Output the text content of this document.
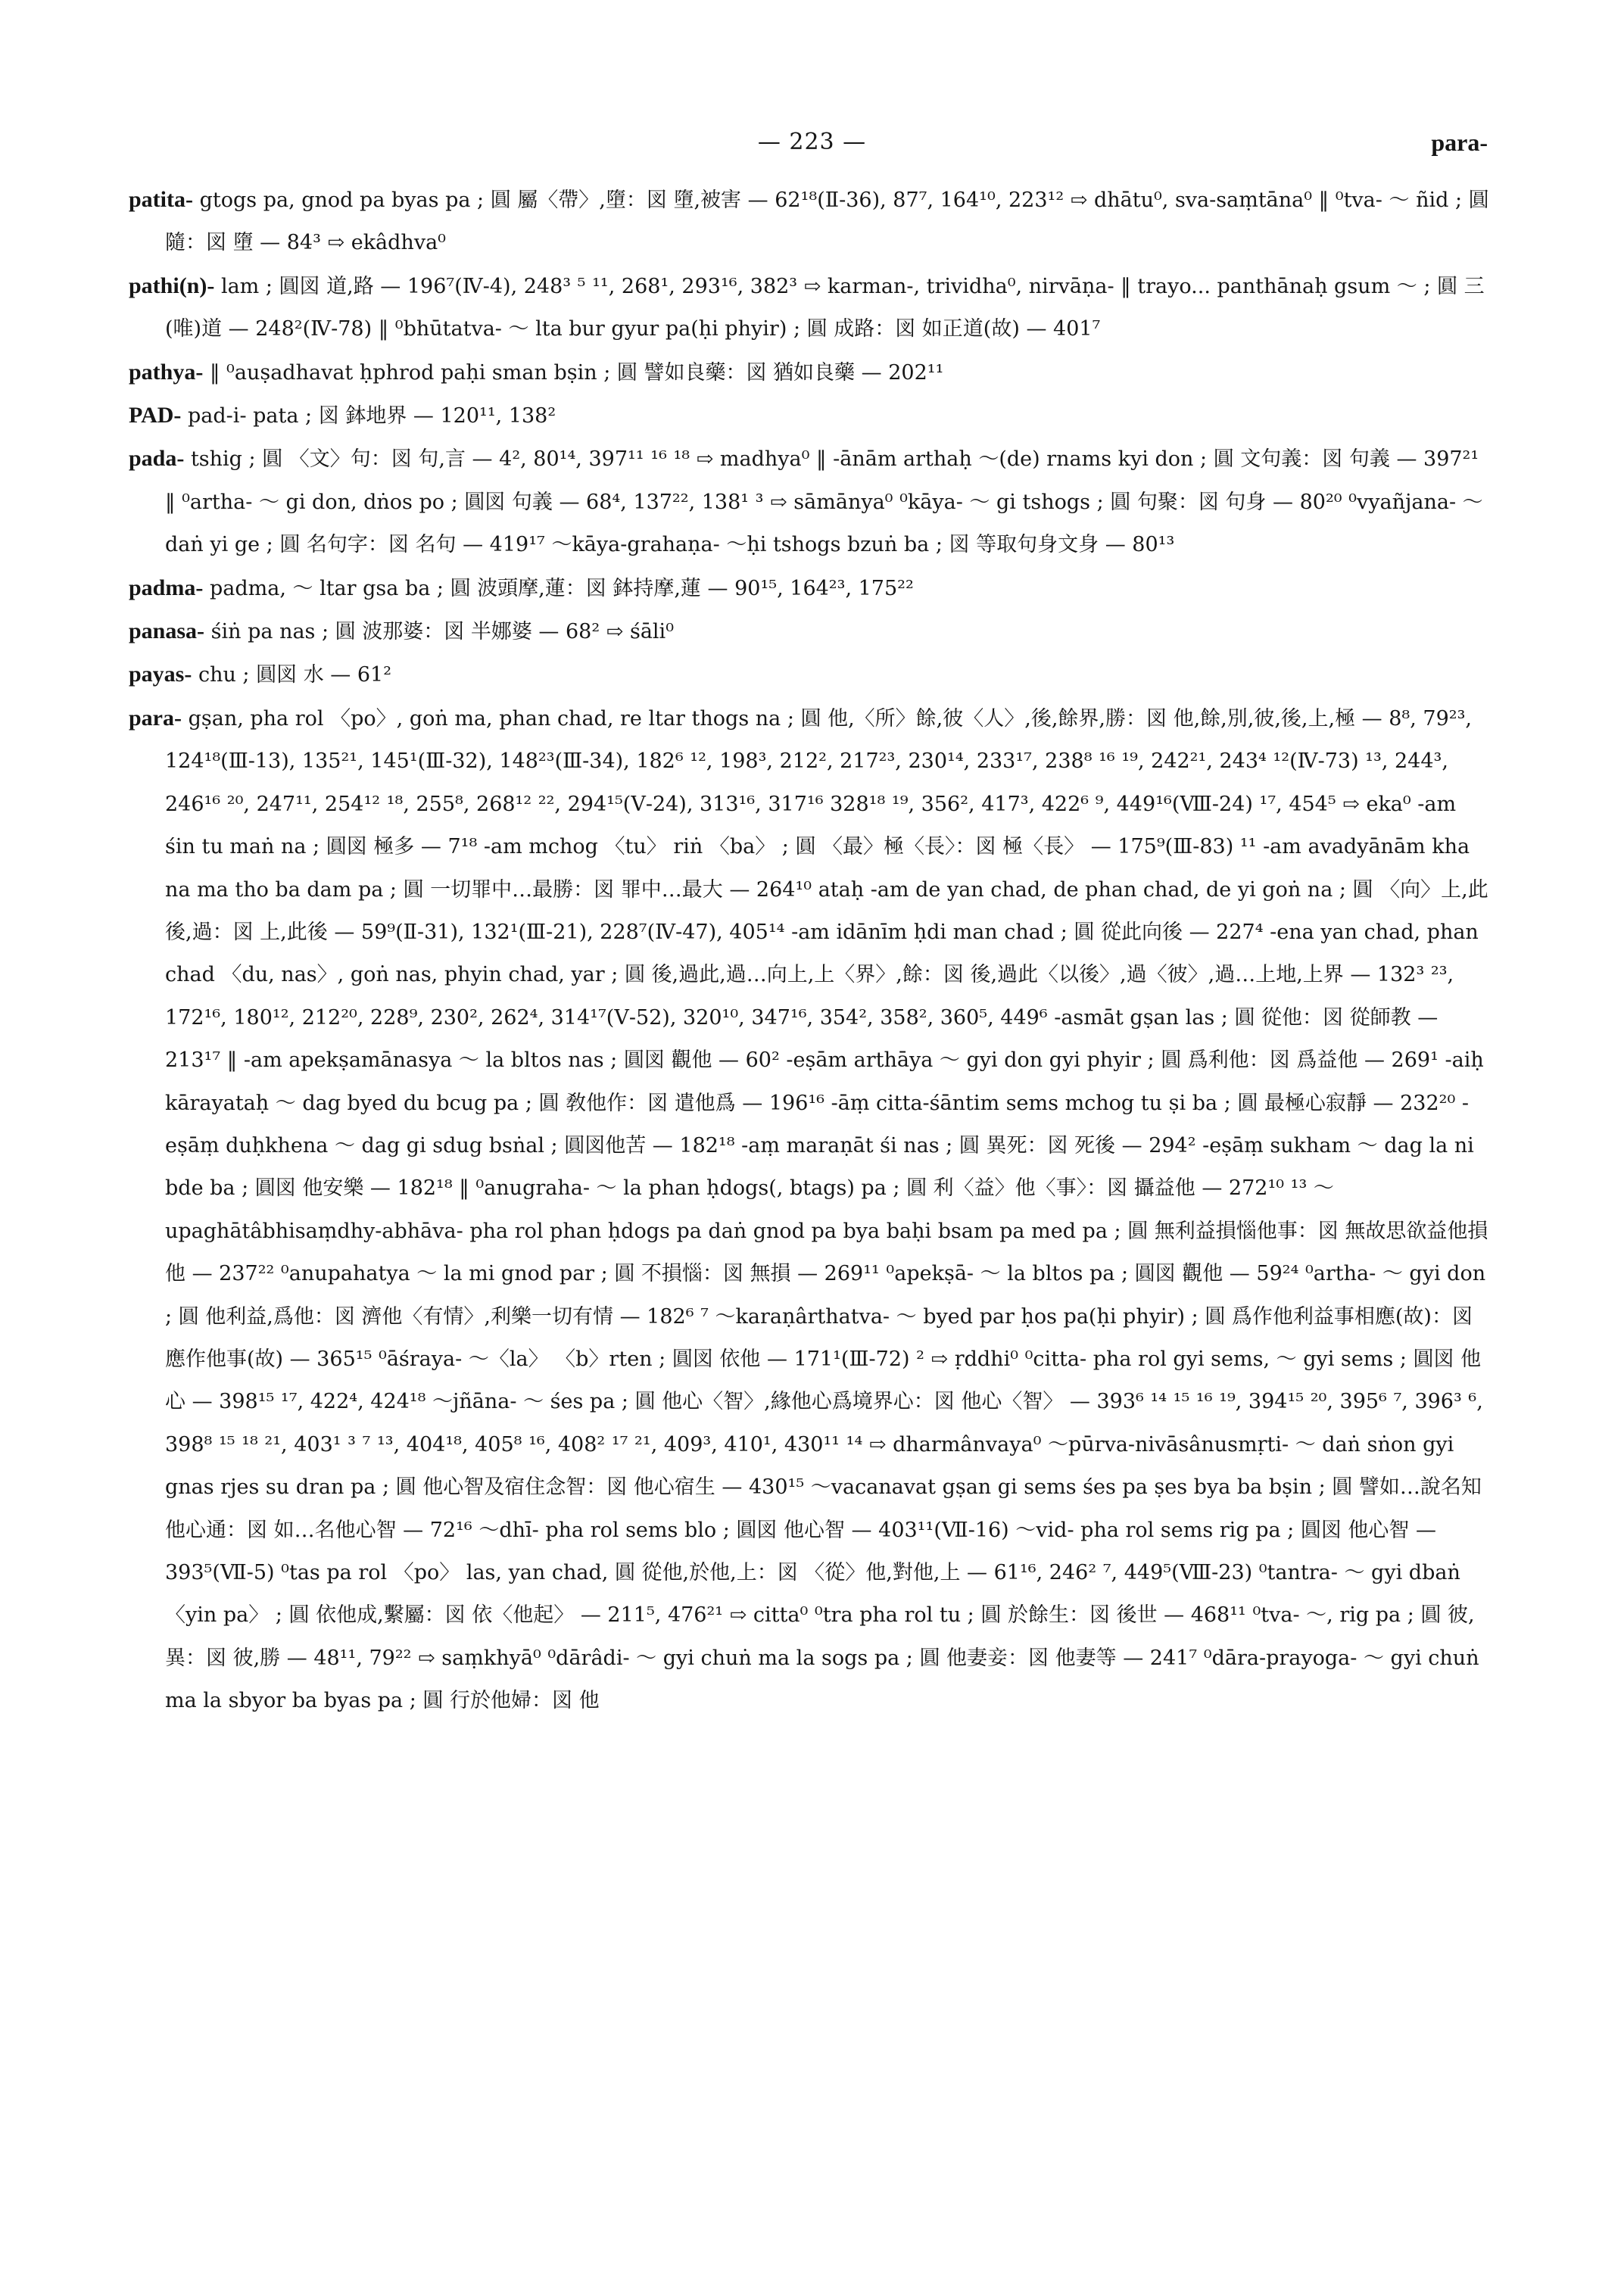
— 223 —	para-

patita- gtogs pa, gnod pa byas pa ; 圓 屬〈帶〉,墮：図 墮,被害 — 62¹⁸(Ⅱ-36), 87⁷, 164¹⁰, 223¹² ⇨ dhātu⁰, sva-saṃtāna⁰ ‖ ⁰tva- ～ ñid ; 圓 隨：図 墮 — 84³ ⇨ ekâdhva⁰

pathi(n)- lam ; 圓図 道,路 — 196⁷(Ⅳ-4), 248³ ⁵ ¹¹, 268¹, 293¹⁶, 382³ ⇨ karman-, trividha⁰, nirvāṇa- ‖ trayo... panthānaḥ gsum ～ ; 圓 三(唯)道 — 248²(Ⅳ-78) ‖ ⁰bhūtatva- ～ lta bur gyur pa(ḥi phyir) ; 圓 成路：図 如正道(故) — 401⁷

pathya- ‖ ⁰auṣadhavat ḥphrod paḥi sman bṣin ; 圓 譬如良藥：図 猶如良藥 — 202¹¹

PAD- pad-i- pata ; 図 鉢地界 — 120¹¹, 138²

pada- tshig ; 圓 〈文〉句：図 句,言 — 4², 80¹⁴, 397¹¹ ¹⁶ ¹⁸ ⇨ madhya⁰ ‖ -ānām arthaḥ ～(de) rnams kyi don ; 圓 文句義：図 句義 — 397²¹ ‖ ⁰artha- ～ gi don, dṅos po ; 圓図 句義 — 68⁴, 137²², 138¹ ³ ⇨ sāmānya⁰ ⁰kāya- ～ gi tshogs ; 圓 句聚：図 句身 — 80²⁰ ⁰vyañjana- ～ daṅ yi ge ; 圓 名句字：図 名句 — 419¹⁷ ～kāya-grahaṇa- ～ḥi tshogs bzuṅ ba ; 図 等取句身文身 — 80¹³

padma- padma, ～ ltar gsa ba ; 圓 波頭摩,蓮：図 鉢持摩,蓮 — 90¹⁵, 164²³, 175²²

panasa- śiṅ pa nas ; 圓 波那婆：図 半娜婆 — 68² ⇨ śāli⁰

payas- chu ; 圓図 水 — 61²

para- gṣan, pha rol 〈po〉, goṅ ma, phan chad, re ltar thogs na ; 圓 他,〈所〉餘,彼〈人〉,後,餘界,勝：図 他,餘,別,彼,後,上,極 — 8⁸, 79²³, 124¹⁸(Ⅲ-13), 135²¹, 145¹(Ⅲ-32), 148²³(Ⅲ-34), 182⁶ ¹², 198³, 212², 217²³, 230¹⁴, 233¹⁷, 238⁸ ¹⁶ ¹⁹, 242²¹, 243⁴ ¹²(Ⅳ-73) ¹³, 244³, 246¹⁶ ²⁰, 247¹¹, 254¹² ¹⁸, 255⁸, 268¹² ²², 294¹⁵(Ⅴ-24), 313¹⁶, 317¹⁶ 328¹⁸ ¹⁹, 356², 417³, 422⁶ ⁹, 449¹⁶(Ⅷ-24) ¹⁷, 454⁵ ⇨ eka⁰ -am śin tu maṅ na ; 圓図 極多 — 7¹⁸ -am mchog 〈tu〉 riṅ 〈ba〉 ; 圓 〈最〉極〈長〉：図 極〈長〉 — 175⁹(Ⅲ-83) ¹¹ -am avadyānām kha na ma tho ba dam pa ; 圓 一切罪中…最勝：図 罪中…最大 — 264¹⁰ ataḥ -am de yan chad, de phan chad, de yi goṅ na ; 圓 〈向〉上,此後,過：図 上,此後 — 59⁹(Ⅱ-31), 132¹(Ⅲ-21), 228⁷(Ⅳ-47), 405¹⁴ -am idānīm ḥdi man chad ; 圓 從此向後 — 227⁴ -ena yan chad, phan chad 〈du, nas〉, goṅ nas, phyin chad, yar ; 圓 後,過此,過…向上,上〈界〉,餘：図 後,過此〈以後〉,過〈彼〉,過…上地,上界 — 132³ ²³, 172¹⁶, 180¹², 212²⁰, 228⁹, 230², 262⁴, 314¹⁷(Ⅴ-52), 320¹⁰, 347¹⁶, 354², 358², 360⁵, 449⁶ -asmāt gṣan las ; 圓 從他：図 從師教 — 213¹⁷ ‖ -am apekṣamānasya ～ la bltos nas ; 圓図 觀他 — 60² -eṣām arthāya ～ gyi don gyi phyir ; 圓 爲利他：図 爲益他 — 269¹ -aiḥ kārayataḥ ～ dag byed du bcug pa ; 圓 敎他作：図 遣他爲 — 196¹⁶ -āṃ citta-śāntim sems mchog tu ṣi ba ; 圓 最極心寂靜 — 232²⁰ -eṣāṃ duḥkhena ～ dag gi sdug bsṅal ; 圓図他苦 — 182¹⁸ -aṃ maraṇāt śi nas ; 圓 異死：図 死後 — 294² -eṣāṃ sukham ～ dag la ni bde ba ; 圓図 他安樂 — 182¹⁸ ‖ ⁰anugraha- ～ la phan ḥdogs(, btags) pa ; 圓 利〈益〉他〈事〉：図 攝益他 — 272¹⁰ ¹³ ～upaghātâbhisaṃdhy-abhāva- pha rol phan ḥdogs pa daṅ gnod pa bya baḥi bsam pa med pa ; 圓 無利益損惱他事：図 無故思欲益他損他 — 237²² ⁰anupahatya ～ la mi gnod par ; 圓 不損惱：図 無損 — 269¹¹ ⁰apekṣā- ～ la bltos pa ; 圓図 觀他 — 59²⁴ ⁰artha- ～ gyi don ; 圓 他利益,爲他：図 濟他〈有情〉,利樂一切有情 — 182⁶ ⁷ ～karaṇârthatva- ～ byed par ḥos pa(ḥi phyir) ; 圓 爲作他利益事相應(故)：図 應作他事(故) — 365¹⁵ ⁰āśraya- ～〈la〉 〈b〉rten ; 圓図 依他 — 171¹(Ⅲ-72) ² ⇨ ṛddhi⁰ ⁰citta- pha rol gyi sems, ～ gyi sems ; 圓図 他心 — 398¹⁵ ¹⁷, 422⁴, 424¹⁸ ～jñāna- ～ śes pa ; 圓 他心〈智〉,緣他心爲境界心：図 他心〈智〉 — 393⁶ ¹⁴ ¹⁵ ¹⁶ ¹⁹, 394¹⁵ ²⁰, 395⁶ ⁷, 396³ ⁶, 398⁸ ¹⁵ ¹⁸ ²¹, 403¹ ³ ⁷ ¹³, 404¹⁸, 405⁸ ¹⁶, 408² ¹⁷ ²¹, 409³, 410¹, 430¹¹ ¹⁴ ⇨ dharmânvaya⁰ ～pūrva-nivāsânusmṛti- ～ daṅ sṅon gyi gnas rjes su dran pa ; 圓 他心智及宿住念智：図 他心宿生 — 430¹⁵ ～vacanavat gṣan gi sems śes pa ṣes bya ba bṣin ; 圓 譬如…說名知他心通：図 如…名他心智 — 72¹⁶ ～dhī- pha rol sems blo ; 圓図 他心智 — 403¹¹(Ⅶ-16) ～vid- pha rol sems rig pa ; 圓図 他心智 — 393⁵(Ⅶ-5) ⁰tas pa rol 〈po〉 las, yan chad, 圓 從他,於他,上：図 〈從〉他,對他,上 — 61¹⁶, 246² ⁷, 449⁵(Ⅷ-23) ⁰tantra- ～ gyi dbaṅ 〈yin pa〉 ; 圓 依他成,繫屬：図 依〈他起〉 — 211⁵, 476²¹ ⇨ citta⁰ ⁰tra pha rol tu ; 圓 於餘生：図 後世 — 468¹¹ ⁰tva- ～, rig pa ; 圓 彼,異：図 彼,勝 — 48¹¹, 79²² ⇨ saṃkhyā⁰ ⁰dārâdi- ～ gyi chuṅ ma la sogs pa ; 圓 他妻妾：図 他妻等 — 241⁷ ⁰dāra-prayoga- ～ gyi chuṅ ma la sbyor ba byas pa ; 圓 行於他婦：図 他
